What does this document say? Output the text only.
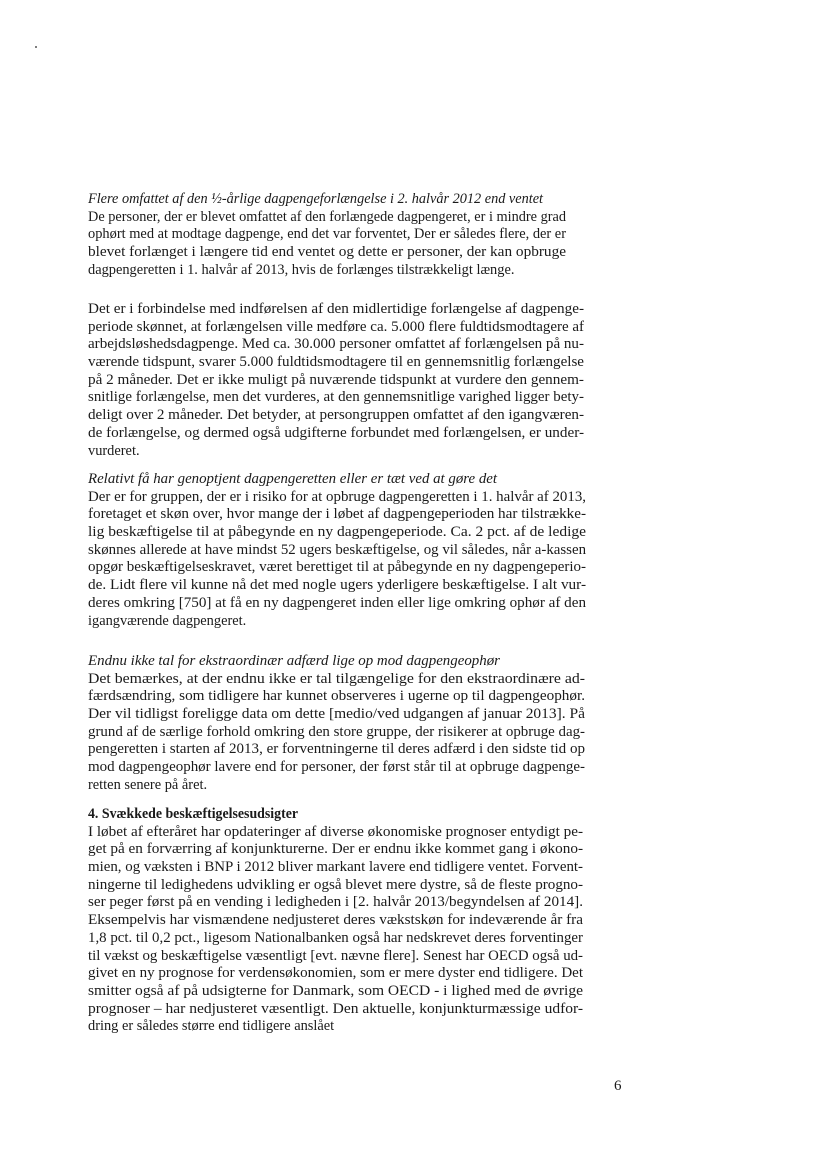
Flere omfattet af den ½-årlige dagpengeforlængelse i 2. halvår 2012 end ventet
De personer, der er blevet omfattet af den forlængede dagpengeret, er i mindre grad
ophørt med at modtage dagpenge, end det var forventet, Der er således flere, der er
blevet forlænget i længere tid end ventet og dette er personer, der kan opbruge
dagpengeretten i 1. halvår af 2013, hvis de forlænges tilstrækkeligt længe.
Det er i forbindelse med indførelsen af den midlertidige forlængelse af dagpenge-
periode skønnet, at forlængelsen ville medføre ca. 5.000 flere fuldtidsmodtagere af
arbejdsløshedsdagpenge. Med ca. 30.000 personer omfattet af forlængelsen på nu-
værende tidspunt, svarer 5.000 fuldtidsmodtagere til en gennemsnitlig forlængelse
på 2 måneder. Det er ikke muligt på nuværende tidspunkt at vurdere den gennem-
snitlige forlængelse, men det vurderes, at den gennemsnitlige varighed ligger bety-
deligt over 2 måneder. Det betyder, at persongruppen omfattet af den igangværen-
de forlængelse, og dermed også udgifterne forbundet med forlængelsen, er under-
vurderet.
Relativt få har genoptjent dagpengeretten eller er tæt ved at gøre det
Der er for gruppen, der er i risiko for at opbruge dagpengeretten i 1. halvår af 2013,
foretaget et skøn over, hvor mange der i løbet af dagpengeperioden har tilstrække-
lig beskæftigelse til at påbegynde en ny dagpengeperiode. Ca. 2 pct. af de ledige
skønnes allerede at have mindst 52 ugers beskæftigelse, og vil således, når a-kassen
opgør beskæftigelseskravet, været berettiget til at påbegynde en ny dagpengeperio-
de. Lidt flere vil kunne nå det med nogle ugers yderligere beskæftigelse. I alt vur-
deres omkring [750] at få en ny dagpengeret inden eller lige omkring ophør af den
igangværende dagpengeret.
Endnu ikke tal for ekstraordinær adfærd lige op mod dagpengeophør
Det bemærkes, at der endnu ikke er tal tilgængelige for den ekstraordinære ad-
færdsændring, som tidligere har kunnet observeres i ugerne op til dagpengeophør.
Der vil tidligst foreligge data om dette [medio/ved udgangen af januar 2013]. På
grund af de særlige forhold omkring den store gruppe, der risikerer at opbruge dag-
pengeretten i starten af 2013, er forventningerne til deres adfærd i den sidste tid op
mod dagpengeophør lavere end for personer, der først står til at opbruge dagpenge-
retten senere på året.
4. Svækkede beskæftigelsesudsigter
I løbet af efteråret har opdateringer af diverse økonomiske prognoser entydigt pe-
get på en forværring af konjunkturerne. Der er endnu ikke kommet gang i økono-
mien, og væksten i BNP i 2012 bliver markant lavere end tidligere ventet. Forvent-
ningerne til ledighedens udvikling er også blevet mere dystre, så de fleste progno-
ser peger først på en vending i ledigheden i [2. halvår 2013/begyndelsen af 2014].
Eksempelvis har vismændene nedjusteret deres vækstskøn for indeværende år fra
1,8 pct. til 0,2 pct., ligesom Nationalbanken også har nedskrevet deres forventinger
til vækst og beskæftigelse væsentligt [evt. nævne flere]. Senest har OECD også ud-
givet en ny prognose for verdensøkonomien, som er mere dyster end tidligere. Det
smitter også af på udsigterne for Danmark, som OECD - i lighed med de øvrige
prognoser – har nedjusteret væsentligt. Den aktuelle, konjunkturmæssige udfor-
dring er således større end tidligere anslået
6
